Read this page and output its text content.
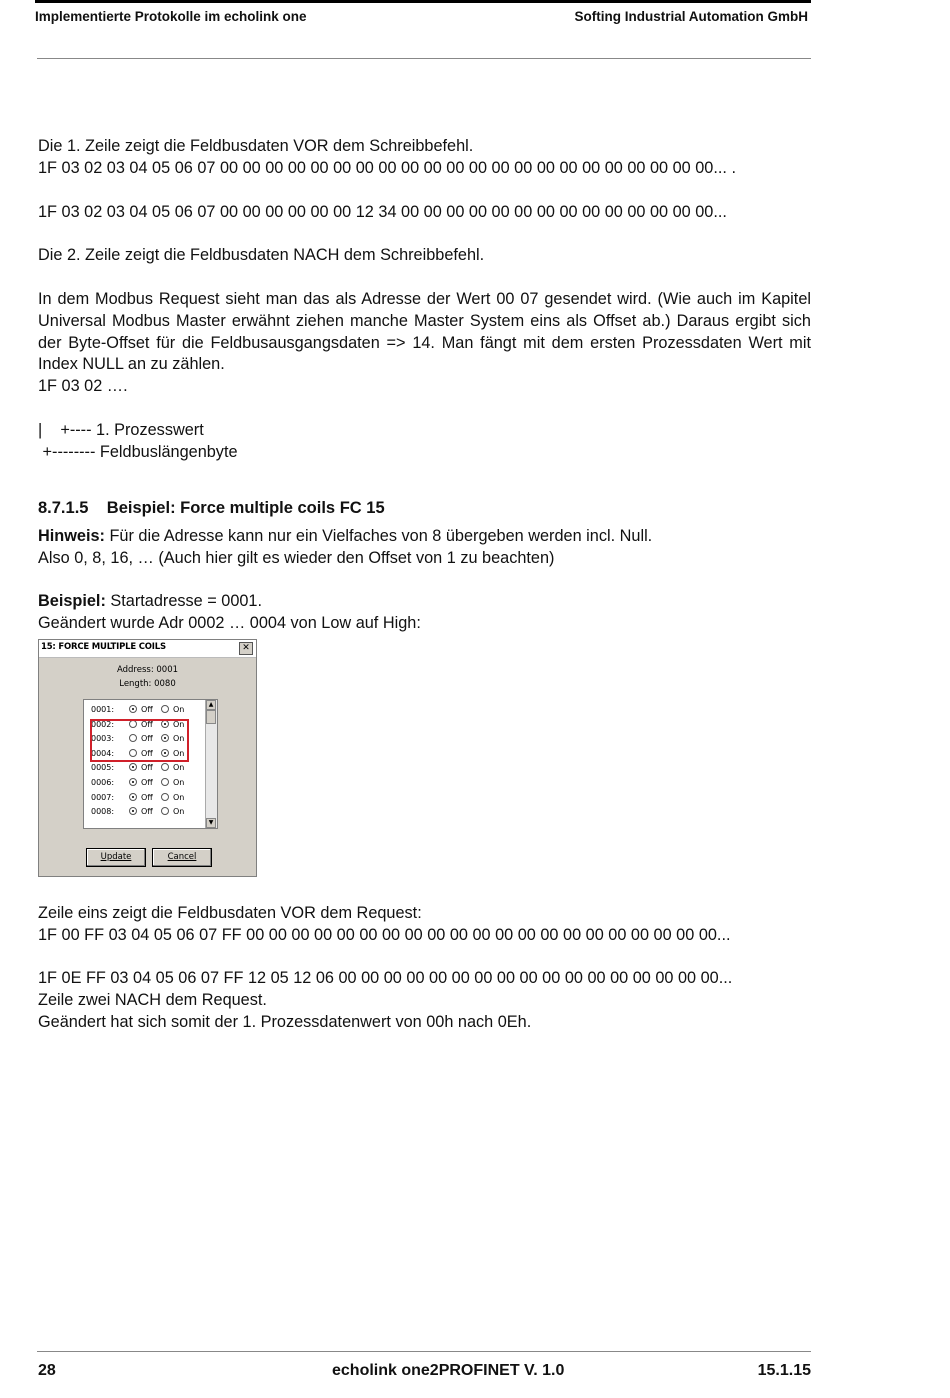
Implementierte Protokolle im echolink one	Softing Industrial Automation GmbH
Die 1. Zeile zeigt die Feldbusdaten VOR dem Schreibbefehl.
1F 03 02 03 04 05 06 07 00 00 00 00 00 00 00 00 00 00 00 00 00 00 00 00 00 00 00 00 00 00... .
1F 03 02 03 04 05 06 07 00 00 00 00 00 00 12 34 00 00 00 00 00 00 00 00 00 00 00 00 00 00...
Die 2. Zeile zeigt die Feldbusdaten NACH dem Schreibbefehl.
In dem Modbus Request sieht man das als Adresse der Wert 00 07 gesendet wird. (Wie auch im Kapitel Universal Modbus Master erwähnt ziehen manche Master System eins als Offset ab.) Daraus ergibt sich der Byte-Offset für die Feldbusausgangsdaten => 14. Man fängt mit dem ersten Prozessdaten Wert mit Index NULL an zu zählen.
1F 03 02 ….
|    +---- 1. Prozesswert
+-------- Feldbuslängenbyte
8.7.1.5    Beispiel: Force multiple coils FC 15
Hinweis: Für die Adresse kann nur ein Vielfaches von 8 übergeben werden incl. Null.
Also 0, 8, 16, … (Auch hier gilt es wieder den Offset von 1 zu beachten)
Beispiel: Startadresse = 0001.
Geändert wurde Adr 0002 … 0004 von Low auf High:
15: FORCE MULTIPLE COILS	✕
Address: 0001
Length: 0080
▲
▼
0001:	Off	On
0002:	Off	On
0003:	Off	On
0004:	Off	On
0005:	Off	On
0006:	Off	On
0007:	Off	On
0008:	Off	On
Update	Cancel
Zeile eins zeigt die Feldbusdaten VOR dem Request:
1F 00 FF 03 04 05 06 07 FF 00 00 00 00 00 00 00 00 00 00 00 00 00 00 00 00 00 00 00 00 00...
1F 0E FF 03 04 05 06 07 FF 12 05 12 06 00 00 00 00 00 00 00 00 00 00 00 00 00 00 00 00 00...
Zeile zwei NACH dem Request.
Geändert hat sich somit der 1. Prozessdatenwert von 00h nach 0Eh.
28	echolink one2PROFINET V. 1.0	15.1.15
